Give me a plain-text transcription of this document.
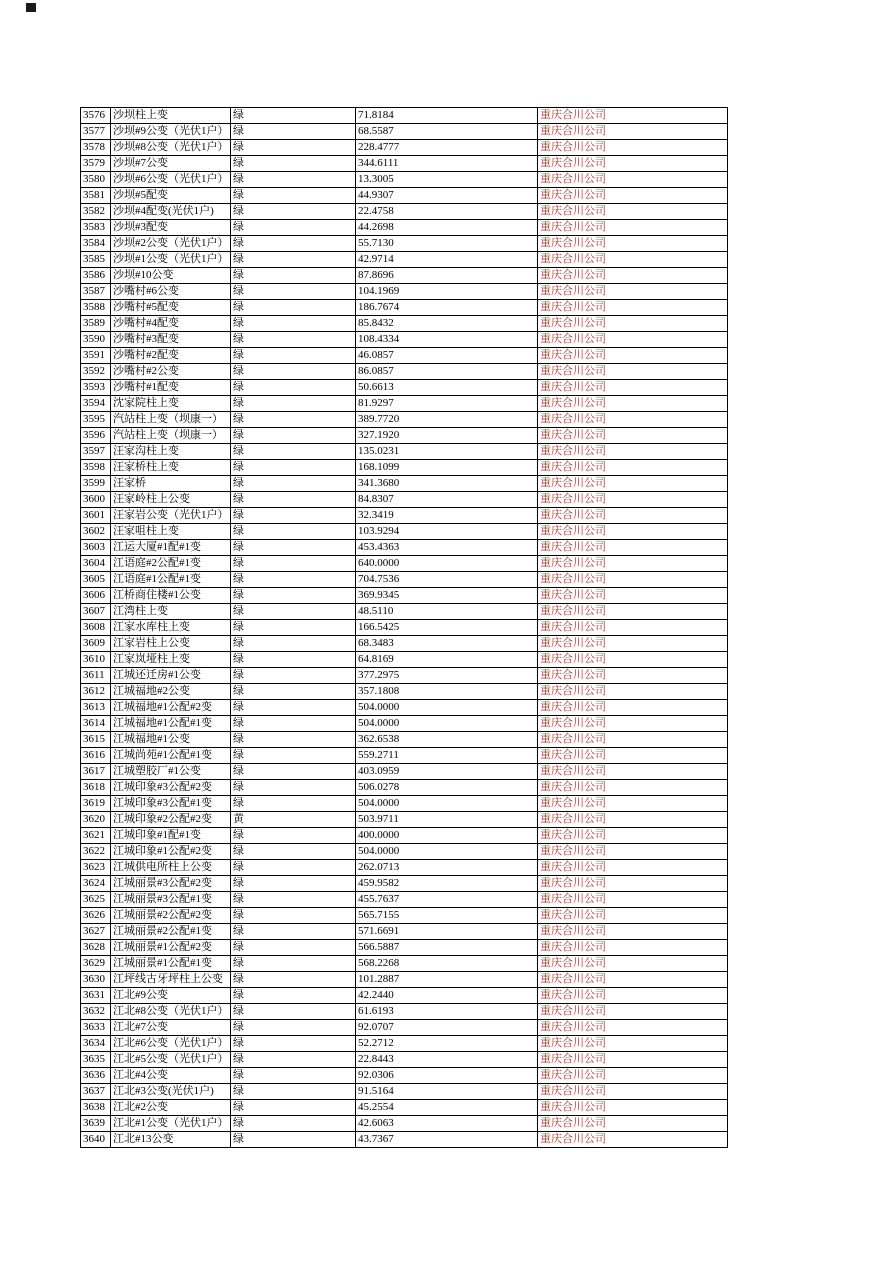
3576	沙坝柱上变	绿	71.8184	重庆合川公司
3577	沙坝#9公变（光伏1户）	绿	68.5587	重庆合川公司
3578	沙坝#8公变（光伏1户）	绿	228.4777	重庆合川公司
3579	沙坝#7公变	绿	344.6111	重庆合川公司
3580	沙坝#6公变（光伏1户）	绿	13.3005	重庆合川公司
3581	沙坝#5配变	绿	44.9307	重庆合川公司
3582	沙坝#4配变(光伏1户)	绿	22.4758	重庆合川公司
3583	沙坝#3配变	绿	44.2698	重庆合川公司
3584	沙坝#2公变（光伏1户）	绿	55.7130	重庆合川公司
3585	沙坝#1公变（光伏1户）	绿	42.9714	重庆合川公司
3586	沙坝#10公变	绿	87.8696	重庆合川公司
3587	沙嘴村#6公变	绿	104.1969	重庆合川公司
3588	沙嘴村#5配变	绿	186.7674	重庆合川公司
3589	沙嘴村#4配变	绿	85.8432	重庆合川公司
3590	沙嘴村#3配变	绿	108.4334	重庆合川公司
3591	沙嘴村#2配变	绿	46.0857	重庆合川公司
3592	沙嘴村#2公变	绿	86.0857	重庆合川公司
3593	沙嘴村#1配变	绿	50.6613	重庆合川公司
3594	沈家院柱上变	绿	81.9297	重庆合川公司
3595	汽站柱上变（坝康一）	绿	389.7720	重庆合川公司
3596	汽站柱上变（坝康一）	绿	327.1920	重庆合川公司
3597	汪家沟柱上变	绿	135.0231	重庆合川公司
3598	汪家桥柱上变	绿	168.1099	重庆合川公司
3599	汪家桥	绿	341.3680	重庆合川公司
3600	汪家岭柱上公变	绿	84.8307	重庆合川公司
3601	汪家岩公变（光伏1户）	绿	32.3419	重庆合川公司
3602	汪家咀柱上变	绿	103.9294	重庆合川公司
3603	江运大厦#1配#1变	绿	453.4363	重庆合川公司
3604	江语庭#2公配#1变	绿	640.0000	重庆合川公司
3605	江语庭#1公配#1变	绿	704.7536	重庆合川公司
3606	江桥商住楼#1公变	绿	369.9345	重庆合川公司
3607	江湾柱上变	绿	48.5110	重庆合川公司
3608	江家水库柱上变	绿	166.5425	重庆合川公司
3609	江家岩柱上公变	绿	68.3483	重庆合川公司
3610	江家岚垭柱上变	绿	64.8169	重庆合川公司
3611	江城还迁房#1公变	绿	377.2975	重庆合川公司
3612	江城福地#2公变	绿	357.1808	重庆合川公司
3613	江城福地#1公配#2变	绿	504.0000	重庆合川公司
3614	江城福地#1公配#1变	绿	504.0000	重庆合川公司
3615	江城福地#1公变	绿	362.6538	重庆合川公司
3616	江城尚苑#1公配#1变	绿	559.2711	重庆合川公司
3617	江城塑胶厂#1公变	绿	403.0959	重庆合川公司
3618	江城印象#3公配#2变	绿	506.0278	重庆合川公司
3619	江城印象#3公配#1变	绿	504.0000	重庆合川公司
3620	江城印象#2公配#2变	黄	503.9711	重庆合川公司
3621	江城印象#1配#1变	绿	400.0000	重庆合川公司
3622	江城印象#1公配#2变	绿	504.0000	重庆合川公司
3623	江城供电所柱上公变	绿	262.0713	重庆合川公司
3624	江城丽景#3公配#2变	绿	459.9582	重庆合川公司
3625	江城丽景#3公配#1变	绿	455.7637	重庆合川公司
3626	江城丽景#2公配#2变	绿	565.7155	重庆合川公司
3627	江城丽景#2公配#1变	绿	571.6691	重庆合川公司
3628	江城丽景#1公配#2变	绿	566.5887	重庆合川公司
3629	江城丽景#1公配#1变	绿	568.2268	重庆合川公司
3630	江坪线古牙坪柱上公变	绿	101.2887	重庆合川公司
3631	江北#9公变	绿	42.2440	重庆合川公司
3632	江北#8公变（光伏1户）	绿	61.6193	重庆合川公司
3633	江北#7公变	绿	92.0707	重庆合川公司
3634	江北#6公变（光伏1户）	绿	52.2712	重庆合川公司
3635	江北#5公变（光伏1户）	绿	22.8443	重庆合川公司
3636	江北#4公变	绿	92.0306	重庆合川公司
3637	江北#3公变(光伏1户)	绿	91.5164	重庆合川公司
3638	江北#2公变	绿	45.2554	重庆合川公司
3639	江北#1公变（光伏1户）	绿	42.6063	重庆合川公司
3640	江北#13公变	绿	43.7367	重庆合川公司
